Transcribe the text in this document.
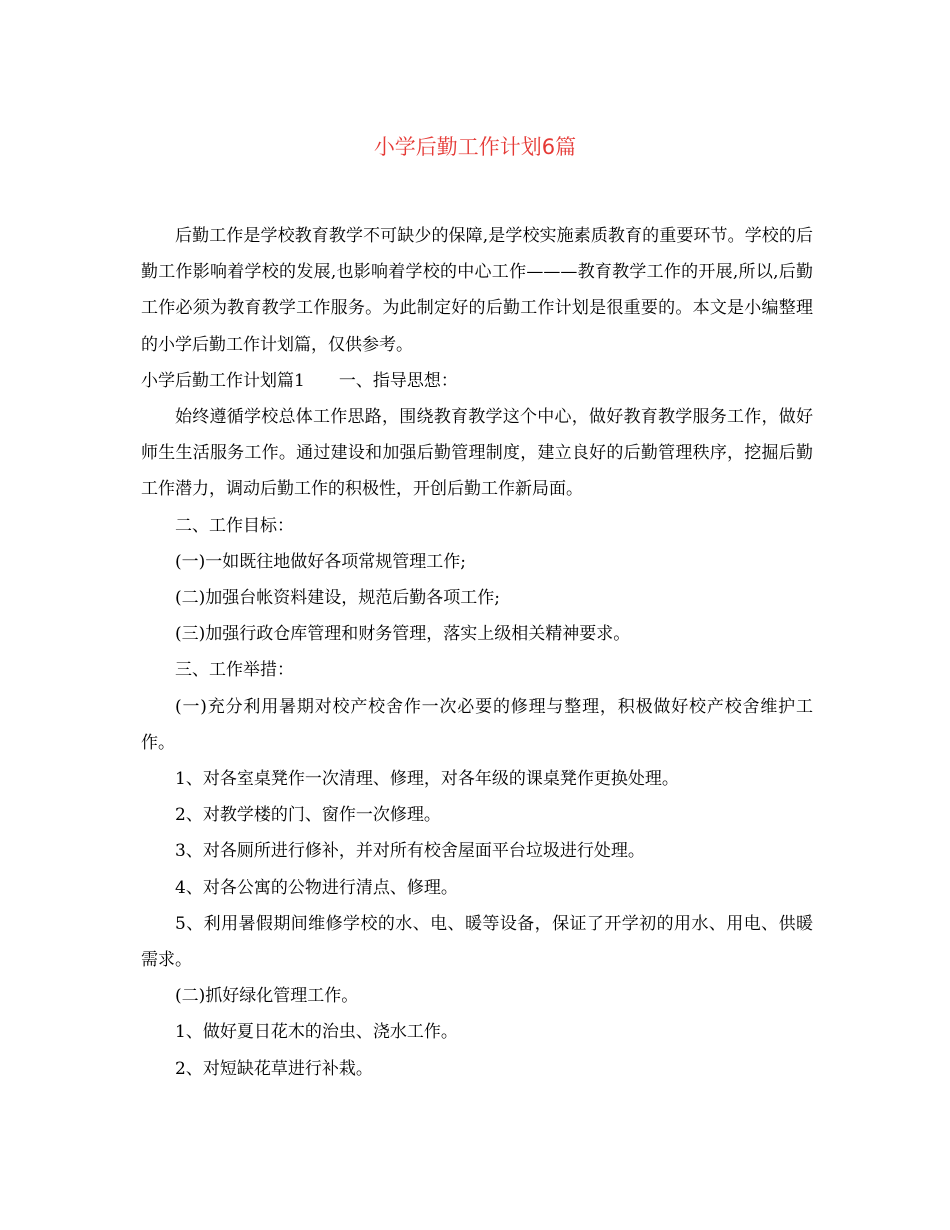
小学后勤工作计划6篇

后勤工作是学校教育教学不可缺少的保障,是学校实施素质教育的重要环节。学校的后勤工作影响着学校的发展,也影响着学校的中心工作———教育教学工作的开展,所以,后勤工作必须为教育教学工作服务。为此制定好的后勤工作计划是很重要的。本文是小编整理的小学后勤工作计划篇，仅供参考。

小学后勤工作计划篇1　　一、指导思想：

始终遵循学校总体工作思路，围绕教育教学这个中心，做好教育教学服务工作，做好师生生活服务工作。通过建设和加强后勤管理制度，建立良好的后勤管理秩序，挖掘后勤工作潜力，调动后勤工作的积极性，开创后勤工作新局面。

二、工作目标：

(一)一如既往地做好各项常规管理工作;

(二)加强台帐资料建设，规范后勤各项工作;

(三)加强行政仓库管理和财务管理，落实上级相关精神要求。

三、工作举措：

(一)充分利用暑期对校产校舍作一次必要的修理与整理，积极做好校产校舍维护工作。

1、对各室桌凳作一次清理、修理，对各年级的课桌凳作更换处理。

2、对教学楼的门、窗作一次修理。

3、对各厕所进行修补，并对所有校舍屋面平台垃圾进行处理。

4、对各公寓的公物进行清点、修理。

5、利用暑假期间维修学校的水、电、暖等设备，保证了开学初的用水、用电、供暖需求。

(二)抓好绿化管理工作。

1、做好夏日花木的治虫、浇水工作。

2、对短缺花草进行补栽。
